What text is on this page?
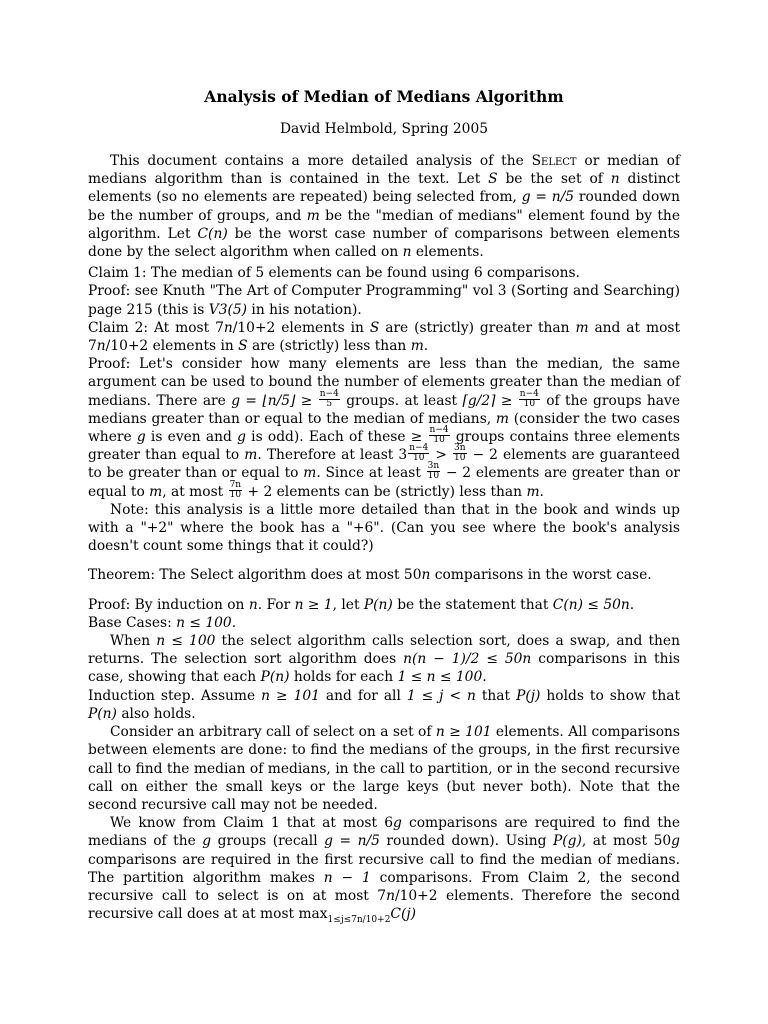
Analysis of Median of Medians Algorithm
David Helmbold, Spring 2005

This document contains a more detailed analysis of the Select or median of medians algorithm than is contained in the text. Let S be the set of n distinct elements (so no elements are repeated) being selected from, g = n/5 rounded down be the number of groups, and m be the "median of medians" element found by the algorithm. Let C(n) be the worst case number of comparisons between elements done by the select algorithm when called on n elements.

Claim 1: The median of 5 elements can be found using 6 comparisons.

Proof: see Knuth "The Art of Computer Programming" vol 3 (Sorting and Searching) page 215 (this is V3(5) in his notation).

Claim 2: At most 7n/10+2 elements in S are (strictly) greater than m and at most 7n/10+2 elements in S are (strictly) less than m.

Proof: Let's consider how many elements are less than the median, the same argument can be used to bound the number of elements greater than the median of medians. There are g = ⌊n/5⌋ ≥ $\frac{n-4}{5}$ groups. at least ⌈g/2⌉ ≥ $\frac{n-4}{10}$ of the groups have medians greater than or equal to the median of medians, m (consider the two cases where g is even and g is odd). Each of these ≥ $\frac{n-4}{10}$ groups contains three elements greater than equal to m. Therefore at least $3 \frac{n-4}{10} > \frac{3n}{10} - 2$ elements are guaranteed to be greater than or equal to m. Since at least $\frac{3n}{10} - 2$ elements are greater than or equal to m, at most $\frac{7n}{10} + 2$ elements can be (strictly) less than m.

Note: this analysis is a little more detailed than that in the book and winds up with a "+2" where the book has a "+6". (Can you see where the book's analysis doesn't count some things that it could?)

Theorem: The Select algorithm does at most 50n comparisons in the worst case.

Proof: By induction on n. For n ≥ 1, let P(n) be the statement that C(n) ≤ 50n.

Base Cases: n ≤ 100.

When n ≤ 100 the select algorithm calls selection sort, does a swap, and then returns. The selection sort algorithm does n(n − 1)/2 ≤ 50n comparisons in this case, showing that each P(n) holds for each 1 ≤ n ≤ 100.

Induction step. Assume n ≥ 101 and for all 1 ≤ j < n that P(j) holds to show that P(n) also holds.

Consider an arbitrary call of select on a set of n ≥ 101 elements. All comparisons between elements are done: to find the medians of the groups, in the first recursive call to find the median of medians, in the call to partition, or in the second recursive call on either the small keys or the large keys (but never both). Note that the second recursive call may not be needed.

We know from Claim 1 that at most 6g comparisons are required to find the medians of the g groups (recall g = n/5 rounded down). Using P(g), at most 50g comparisons are required in the first recursive call to find the median of medians. The partition algorithm makes n − 1 comparisons. From Claim 2, the second recursive call to select is on at most 7n/10+2 elements. Therefore the second recursive call does at at most $\max_{1\le j\le 7n/10+2}C(j)$
